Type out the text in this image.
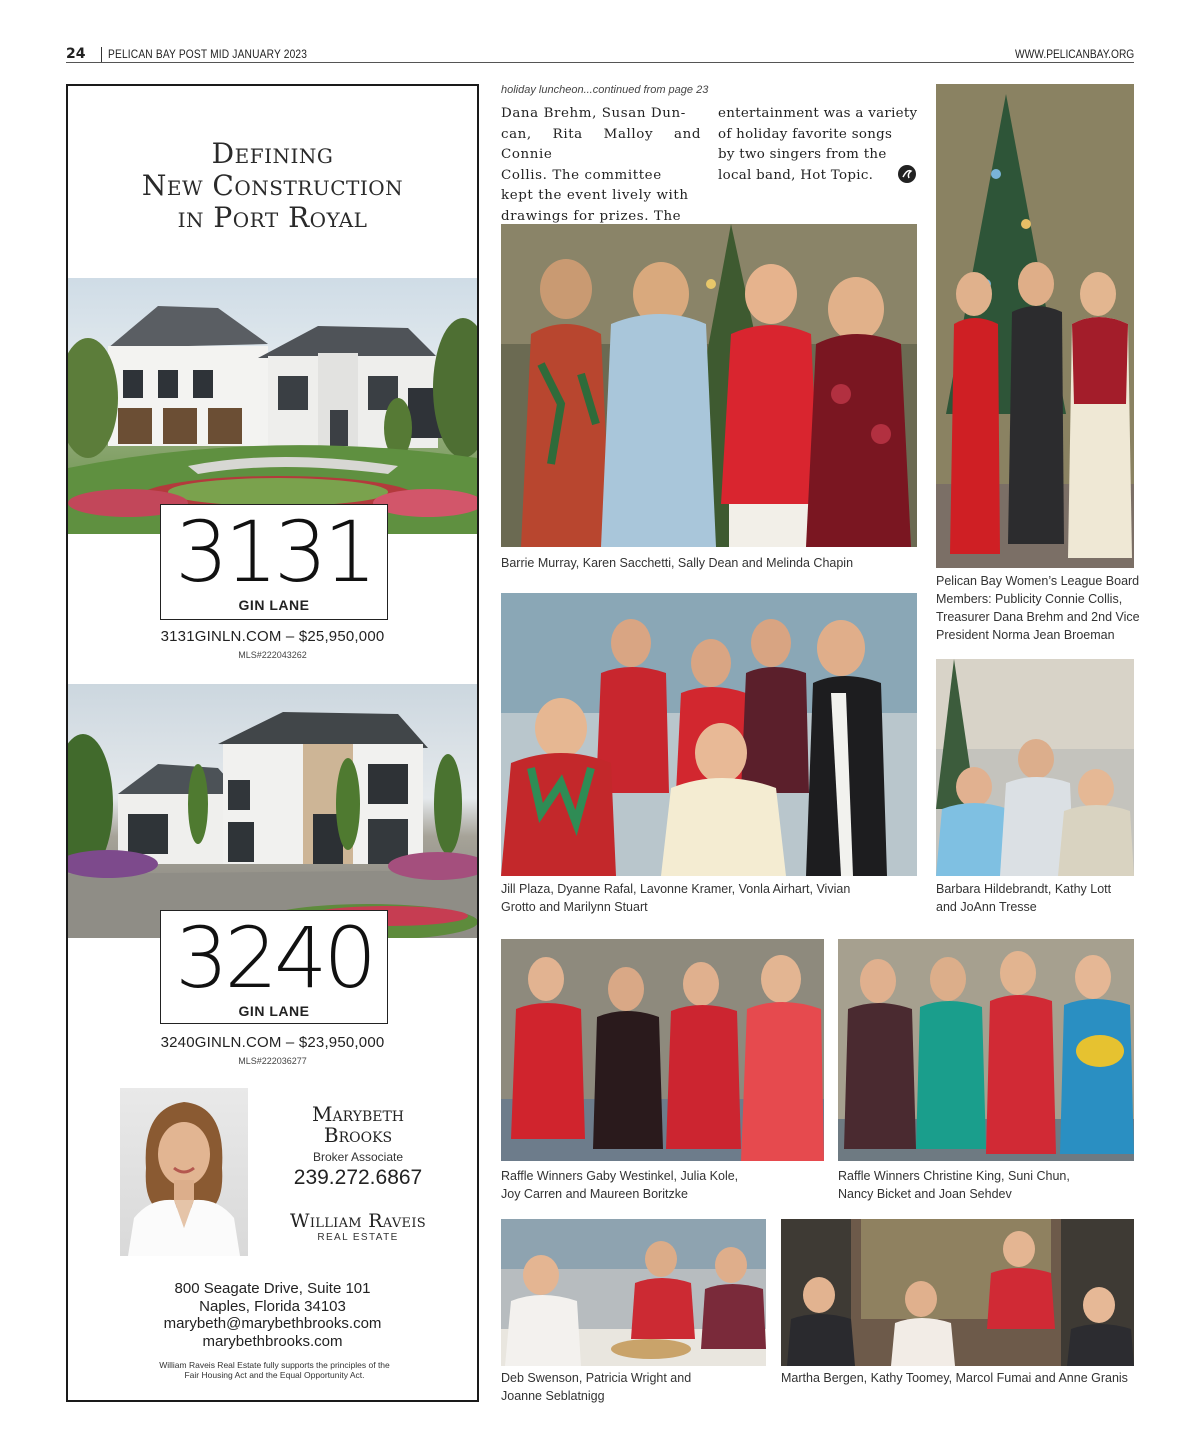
24 PELICAN BAY POST MID JANUARY 2023	WWW.PELICANBAY.ORG
Defining
New Construction
in Port Royal
3131
GIN LANE
3131GINLN.COM – $25,950,000
MLS#222043262
3240
GIN LANE
3240GINLN.COM – $23,950,000
MLS#222036277
Marybeth
Brooks
Broker Associate
239.272.6867
William Raveis
REAL ESTATE
800 Seagate Drive, Suite 101
Naples, Florida 34103
marybeth@marybethbrooks.com
marybethbrooks.com
William Raveis Real Estate fully supports the principles of the
Fair Housing Act and the Equal Opportunity Act.
holiday luncheon...continued from page 23
Dana Brehm, Susan Dun-
can, Rita Malloy and Connie
Collis. The committee
kept the event lively with
drawings for prizes. The
entertainment was a variety
of holiday favorite songs
by two singers from the
local band, Hot Topic.
Barrie Murray, Karen Sacchetti, Sally Dean and Melinda Chapin
Pelican Bay Women’s League Board
Members: Publicity Connie Collis,
Treasurer Dana Brehm and 2nd Vice
President Norma Jean Broeman
Jill Plaza, Dyanne Rafal, Lavonne Kramer, Vonla Airhart, Vivian
Grotto and Marilynn Stuart
Barbara Hildebrandt, Kathy Lott
and JoAnn Tresse
Raffle Winners Gaby Westinkel, Julia Kole,
Joy Carren and Maureen Boritzke
Raffle Winners Christine King, Suni Chun,
Nancy Bicket and Joan Sehdev
Deb Swenson, Patricia Wright and
Joanne Seblatnigg
Martha Bergen, Kathy Toomey, Marcol Fumai and Anne Granis
